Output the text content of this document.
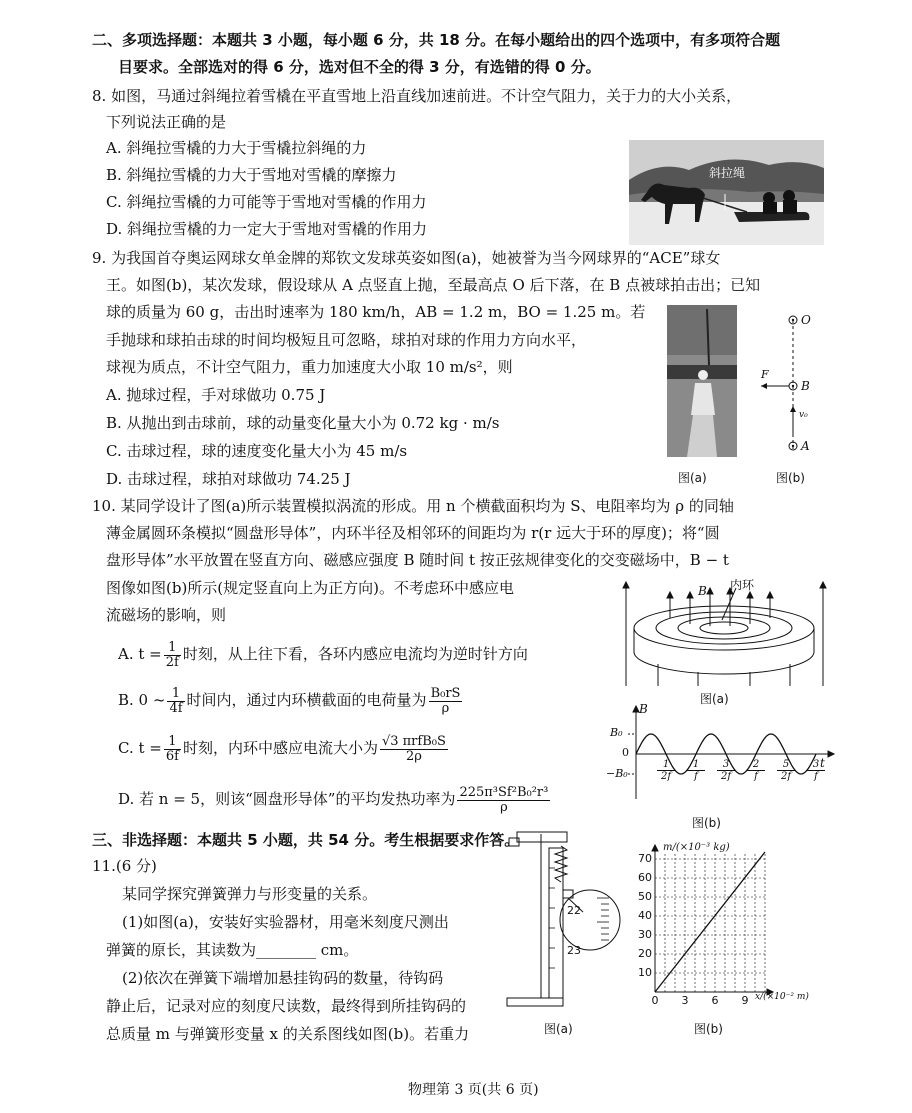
二、多项选择题：本题共 3 小题，每小题 6 分，共 18 分。在每小题给出的四个选项中，有多项符合题
目要求。全部选对的得 6 分，选对但不全的得 3 分，有选错的得 0 分。
8. 如图，马通过斜绳拉着雪橇在平直雪地上沿直线加速前进。不计空气阻力，关于力的大小关系，
下列说法正确的是
A. 斜绳拉雪橇的力大于雪橇拉斜绳的力
B. 斜绳拉雪橇的力大于雪地对雪橇的摩擦力
C. 斜绳拉雪橇的力可能等于雪地对雪橇的作用力
D. 斜绳拉雪橇的力一定大于雪地对雪橇的作用力
斜拉绳
9. 为我国首夺奥运网球女单金牌的郑钦文发球英姿如图(a)，她被誉为当今网球界的“ACE”球女
王。如图(b)，某次发球，假设球从 A 点竖直上抛，至最高点 O 后下落，在 B 点被球拍击出；已知
球的质量为 60 g，击出时速率为 180 km/h，AB = 1.2 m，BO = 1.25 m。若
手抛球和球拍击球的时间均极短且可忽略，球拍对球的作用力方向水平，
球视为质点，不计空气阻力，重力加速度大小取 10 m/s²，则
A. 抛球过程，手对球做功 0.75 J
B. 从抛出到击球前，球的动量变化量大小为 0.72 kg · m/s
C. 击球过程，球的速度变化量大小为 45 m/s
D. 击球过程，球拍对球做功 74.25 J	图(a)
O
B
A
F
v₀
图(b)
10. 某同学设计了图(a)所示装置模拟涡流的形成。用 n 个横截面积均为 S、电阻率均为 ρ 的同轴
薄金属圆环条模拟“圆盘形导体”，内环半径及相邻环的间距均为 r(r 远大于环的厚度)；将“圆
盘形导体”水平放置在竖直方向、磁感应强度 B 随时间 t 按正弦规律变化的交变磁场中，B − t
图像如图(b)所示(规定竖直向上为正方向)。不考虑环中感应电
流磁场的影响，则
A. $t = \frac{1}{2f}$ 时刻，从上往下看，各环内感应电流均为逆时针方向
B. 0 ~ $\frac{1}{4f}$ 时间内，通过内环横截面的电荷量为 $\frac{\text{B₀rS}}{\rho}$
C. $t = \frac{1}{6f}$ 时刻，内环中感应电流大小为 $\frac{\text{√3 πrfB₀S}}{2\rho}$
D. 若 n = 5，则该“圆盘形导体”的平均发热功率为 $\frac{\text{225π³Sf²B₀²r³}}{\rho}$
B 内环
图(a)
B
B₀
0
−B₀
t
1
2f
1
f
3
2f
2
f
5
2f
3
f
图(b)
三、非选择题：本题共 5 小题，共 54 分。考生根据要求作答。
11.(6 分)
某同学探究弹簧弹力与形变量的关系。
(1)如图(a)，安装好实验器材，用毫米刻度尺测出
弹簧的原长，其读数为________ cm。
(2)依次在弹簧下端增加悬挂钩码的数量，待钩码
静止后，记录对应的刻度尺读数，最终得到所挂钩码的
总质量 m 与弹簧形变量 x 的关系图线如图(b)。若重力
22
23
图(a)
m/(×10⁻³ kg)
x/(×10⁻² m)
70
60
50
40
30
20
10
0	3	6	9
图(b)
物理第 3 页(共 6 页)
